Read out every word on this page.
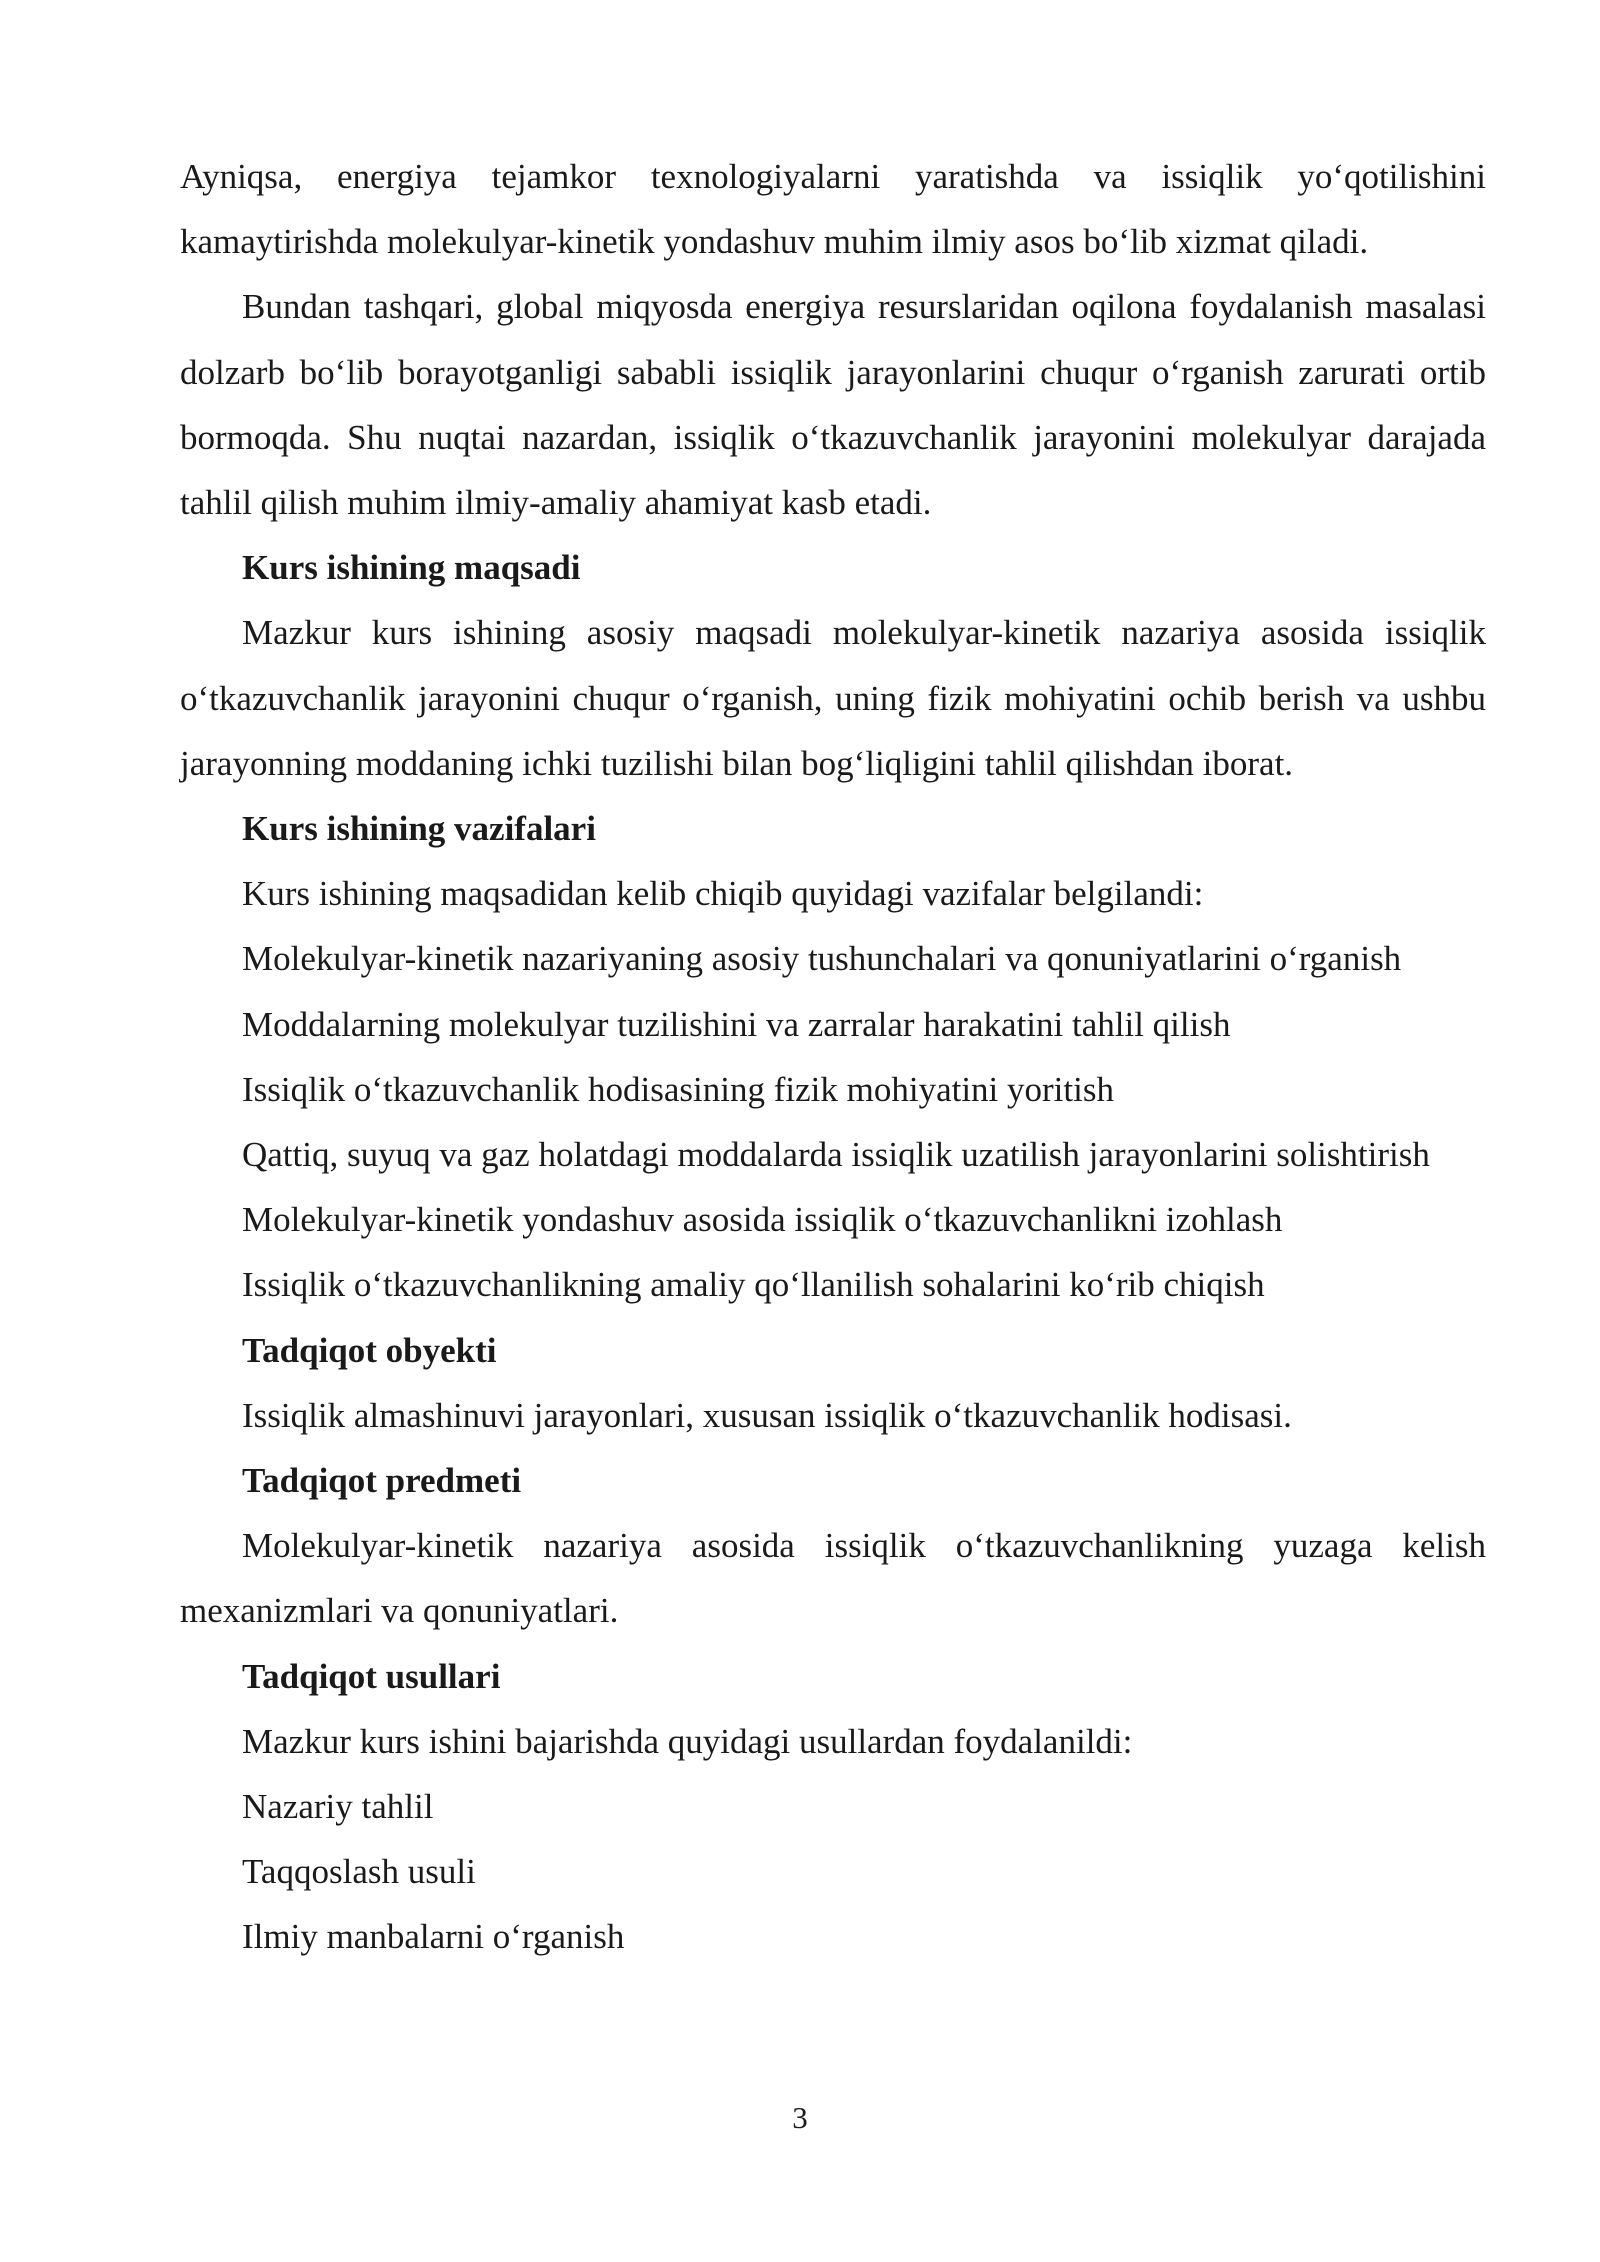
Ayniqsa, energiya tejamkor texnologiyalarni yaratishda va issiqlik yo‘qotilishini kamaytirishda molekulyar-kinetik yondashuv muhim ilmiy asos bo‘lib xizmat qiladi.

Bundan tashqari, global miqyosda energiya resurslaridan oqilona foydalanish masalasi dolzarb bo‘lib borayotganligi sababli issiqlik jarayonlarini chuqur o‘rganish zarurati ortib bormoqda. Shu nuqtai nazardan, issiqlik o‘tkazuvchanlik jarayonini molekulyar darajada tahlil qilish muhim ilmiy-amaliy ahamiyat kasb etadi.

Kurs ishining maqsadi

Mazkur kurs ishining asosiy maqsadi molekulyar-kinetik nazariya asosida issiqlik o‘tkazuvchanlik jarayonini chuqur o‘rganish, uning fizik mohiyatini ochib berish va ushbu jarayonning moddaning ichki tuzilishi bilan bog‘liqligini tahlil qilishdan iborat.

Kurs ishining vazifalari

Kurs ishining maqsadidan kelib chiqib quyidagi vazifalar belgilandi:

Molekulyar-kinetik nazariyaning asosiy tushunchalari va qonuniyatlarini o‘rganish

Moddalarning molekulyar tuzilishini va zarralar harakatini tahlil qilish

Issiqlik o‘tkazuvchanlik hodisasining fizik mohiyatini yoritish

Qattiq, suyuq va gaz holatdagi moddalarda issiqlik uzatilish jarayonlarini solishtirish

Molekulyar-kinetik yondashuv asosida issiqlik o‘tkazuvchanlikni izohlash

Issiqlik o‘tkazuvchanlikning amaliy qo‘llanilish sohalarini ko‘rib chiqish

Tadqiqot obyekti

Issiqlik almashinuvi jarayonlari, xususan issiqlik o‘tkazuvchanlik hodisasi.

Tadqiqot predmeti

Molekulyar-kinetik nazariya asosida issiqlik o‘tkazuvchanlikning yuzaga kelish mexanizmlari va qonuniyatlari.

Tadqiqot usullari

Mazkur kurs ishini bajarishda quyidagi usullardan foydalanildi:

Nazariy tahlil

Taqqoslash usuli

Ilmiy manbalarni o‘rganish

3
